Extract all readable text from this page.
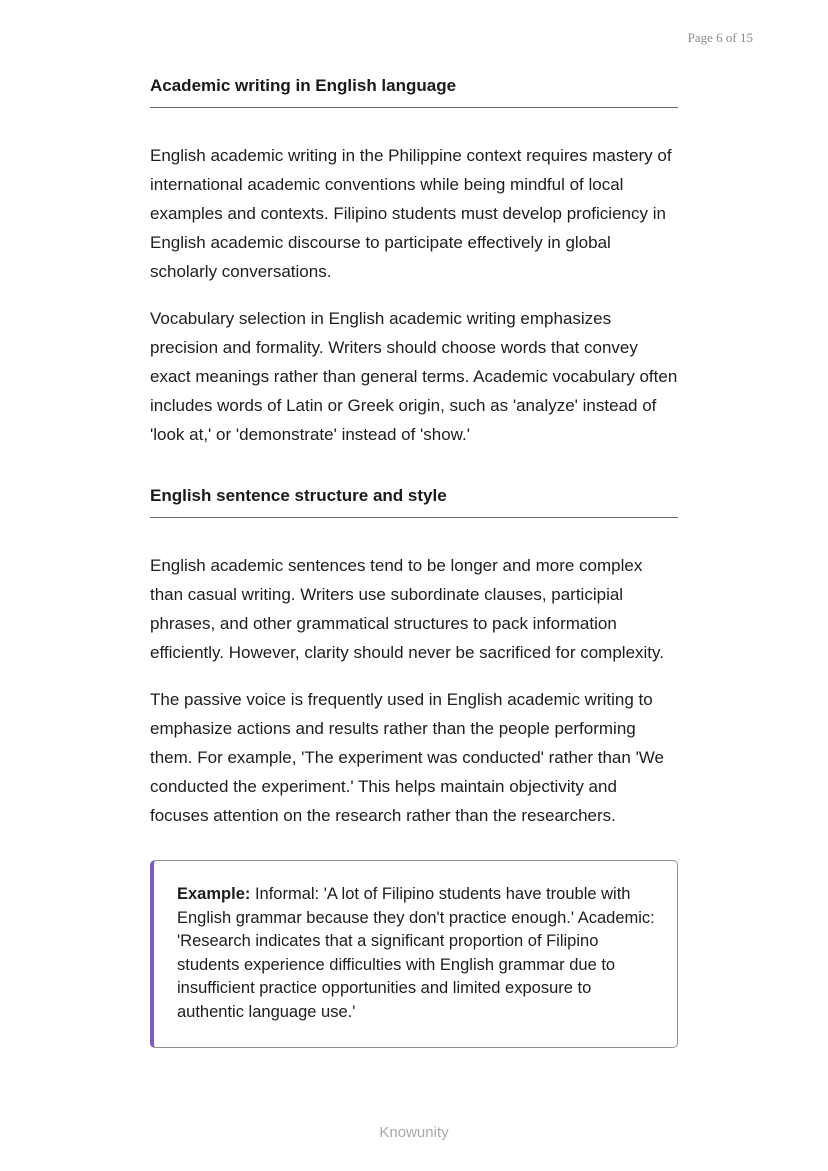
Page 6 of 15
Academic writing in English language

English academic writing in the Philippine context requires mastery of international academic conventions while being mindful of local examples and contexts. Filipino students must develop proficiency in English academic discourse to participate effectively in global scholarly conversations.

Vocabulary selection in English academic writing emphasizes precision and formality. Writers should choose words that convey exact meanings rather than general terms. Academic vocabulary often includes words of Latin or Greek origin, such as 'analyze' instead of 'look at,' or 'demonstrate' instead of 'show.'

English sentence structure and style

English academic sentences tend to be longer and more complex than casual writing. Writers use subordinate clauses, participial phrases, and other grammatical structures to pack information efficiently. However, clarity should never be sacrificed for complexity.

The passive voice is frequently used in English academic writing to emphasize actions and results rather than the people performing them. For example, 'The experiment was conducted' rather than 'We conducted the experiment.' This helps maintain objectivity and focuses attention on the research rather than the researchers.

Example: Informal: 'A lot of Filipino students have trouble with English grammar because they don't practice enough.' Academic: 'Research indicates that a significant proportion of Filipino students experience difficulties with English grammar due to insufficient practice opportunities and limited exposure to authentic language use.'
Knowunity
